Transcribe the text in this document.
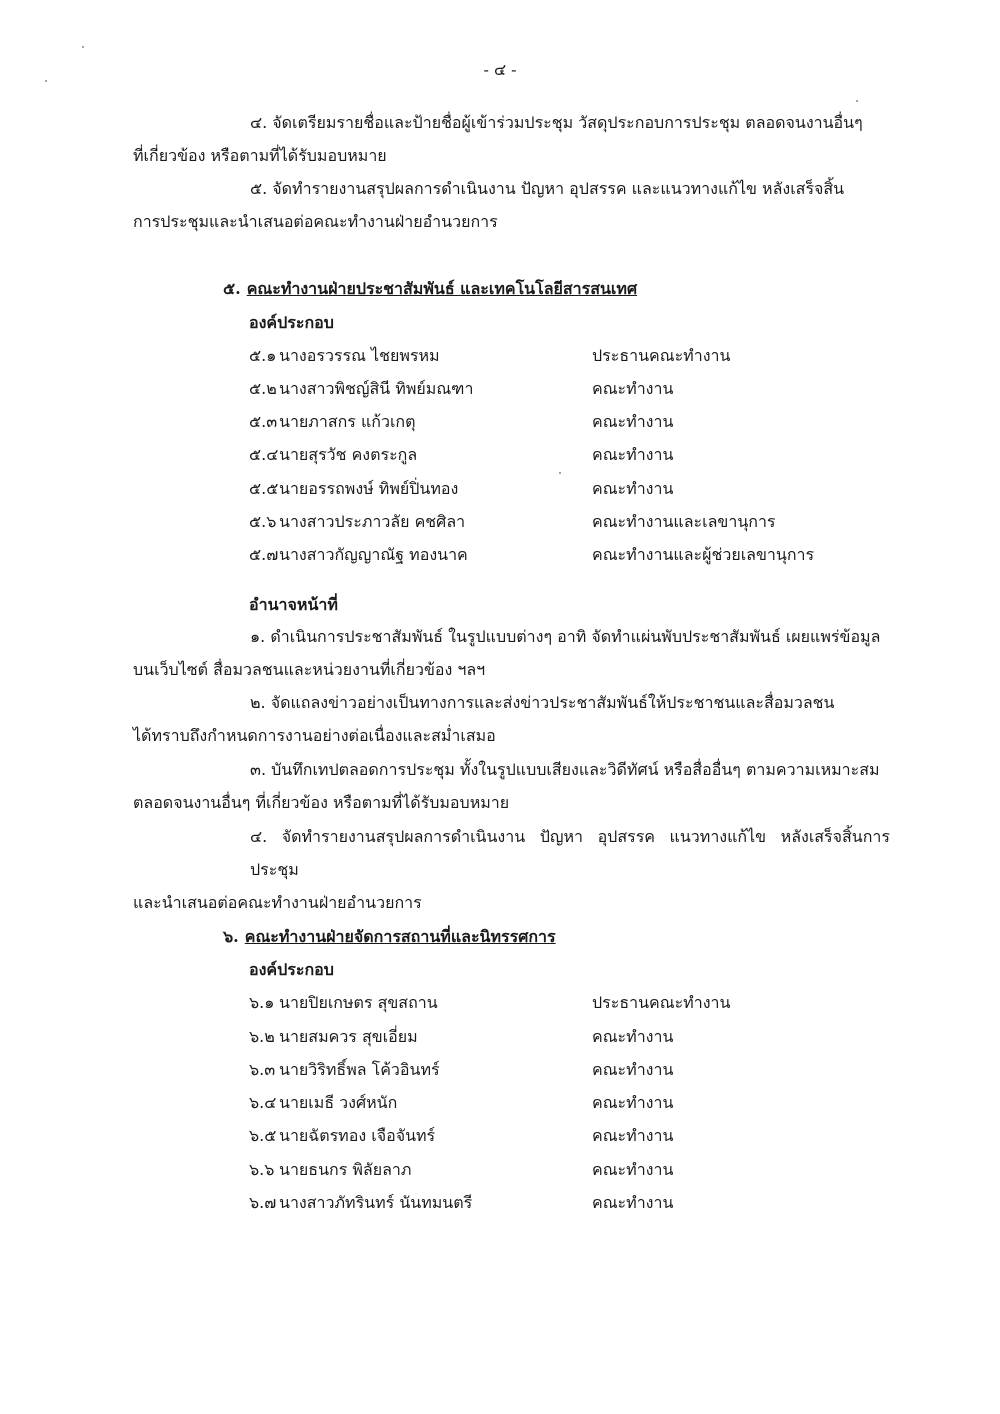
- ๔ -
๔. จัดเตรียมรายชื่อและป้ายชื่อผู้เข้าร่วมประชุม วัสดุประกอบการประชุม ตลอดจนงานอื่นๆ
ที่เกี่ยวข้อง หรือตามที่ได้รับมอบหมาย
๕. จัดทำรายงานสรุปผลการดำเนินงาน ปัญหา อุปสรรค และแนวทางแก้ไข หลังเสร็จสิ้น
การประชุมและนำเสนอต่อคณะทำงานฝ่ายอำนวยการ
๕. คณะทำงานฝ่ายประชาสัมพันธ์ และเทคโนโลยีสารสนเทศ
องค์ประกอบ
๕.๑ นางอรวรรณ ไชยพรหม	ประธานคณะทำงาน
๕.๒ นางสาวพิชญ์สินี ทิพย์มณฑา	คณะทำงาน
๕.๓ นายภาสกร แก้วเกตุ	คณะทำงาน
๕.๔ นายสุรวัช คงตระกูล	คณะทำงาน
๕.๕ นายอรรถพงษ์ ทิพย์ปิ่นทอง	คณะทำงาน
๕.๖ นางสาวประภาวลัย คชศิลา	คณะทำงานและเลขานุการ
๕.๗ นางสาวกัญญาณัฐ ทองนาค	คณะทำงานและผู้ช่วยเลขานุการ
อำนาจหน้าที่
๑. ดำเนินการประชาสัมพันธ์ ในรูปแบบต่างๆ อาทิ จัดทำแผ่นพับประชาสัมพันธ์ เผยแพร่ข้อมูล
บนเว็บไซต์ สื่อมวลชนและหน่วยงานที่เกี่ยวข้อง ฯลฯ
๒. จัดแถลงข่าวอย่างเป็นทางการและส่งข่าวประชาสัมพันธ์ให้ประชาชนและสื่อมวลชน
ได้ทราบถึงกำหนดการงานอย่างต่อเนื่องและสม่ำเสมอ
๓. บันทึกเทปตลอดการประชุม ทั้งในรูปแบบเสียงและวิดีทัศน์ หรือสื่ออื่นๆ ตามความเหมาะสม
ตลอดจนงานอื่นๆ ที่เกี่ยวข้อง หรือตามที่ได้รับมอบหมาย
๔. จัดทำรายงานสรุปผลการดำเนินงาน ปัญหา อุปสรรค แนวทางแก้ไข หลังเสร็จสิ้นการประชุม
และนำเสนอต่อคณะทำงานฝ่ายอำนวยการ
๖. คณะทำงานฝ่ายจัดการสถานที่และนิทรรศการ
องค์ประกอบ
๖.๑ นายปิยเกษตร สุขสถาน	ประธานคณะทำงาน
๖.๒ นายสมควร สุขเอี่ยม	คณะทำงาน
๖.๓ นายวิริทธิ์พล โค้วอินทร์	คณะทำงาน
๖.๔ นายเมธี วงศ์หนัก	คณะทำงาน
๖.๕ นายฉัตรทอง เจือจันทร์	คณะทำงาน
๖.๖ นายธนกร พิลัยลาภ	คณะทำงาน
๖.๗ นางสาวภัทรินทร์ นันทมนตรี	คณะทำงาน
